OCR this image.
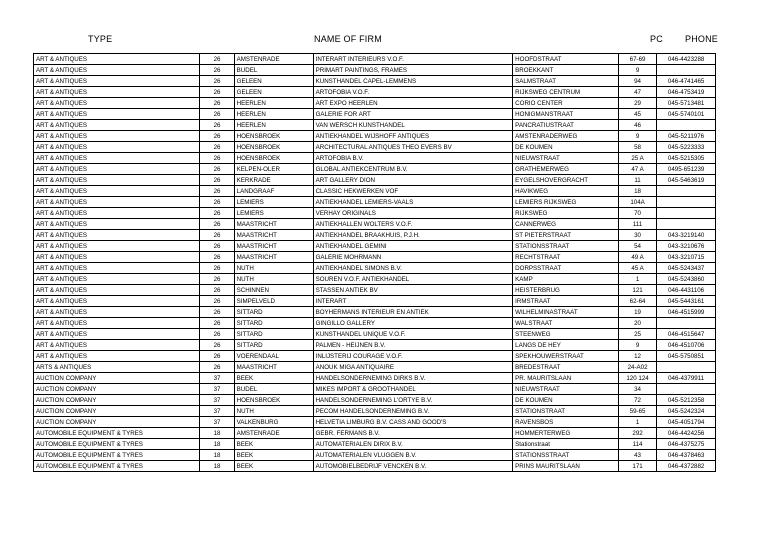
TYPE	NAME OF FIRM	PC PHONE
ART & ANTIQUES	26	AMSTENRADE	INTERART INTERIEURS V.O.F.	HOOFDSTRAAT	67-69	046-4423288
ART & ANTIQUES	26	BUDEL	PRIMART PAINTINGS, FRAMES	BROEKKANT	9	
ART & ANTIQUES	26	GELEEN	KUNSTHANDEL CAPEL-LEMMENS	SALMSTRAAT	94	046-4741465
ART & ANTIQUES	26	GELEEN	ARTOFOBIA V.O.F.	RIJKSWEG CENTRUM	47	046-4753419
ART & ANTIQUES	26	HEERLEN	ART EXPO HEERLEN	CORIO CENTER	29	045-5713481
ART & ANTIQUES	26	HEERLEN	GALERIE FOR ART	HONIGMANSTRAAT	45	045-5740101
ART & ANTIQUES	26	HEERLEN	VAN WERSCH KUNSTHANDEL	PANCRATIUSTRAAT	46	
ART & ANTIQUES	26	HOENSBROEK	ANTIEKHANDEL WIJSHOFF ANTIQUES	AMSTENRADERWEG	9	045-5211976
ART & ANTIQUES	26	HOENSBROEK	ARCHITECTURAL ANTIQUES THEO EVERS BV	DE KOUMEN	58	045-5223333
ART & ANTIQUES	26	HOENSBROEK	ARTOFOBIA B.V.	NIEUWSTRAAT	25 A	045-5215305
ART & ANTIQUES	26	KELPEN-OLER	GLOBAL ANTIEKCENTRUM B.V.	GRATHEMERWEG	47 A	0495-651239
ART & ANTIQUES	26	KERKRADE	ART GALLERY DION	EYGELSHOVERGRACHT	11	045-5463619
ART & ANTIQUES	26	LANDGRAAF	CLASSIC HEKWERKEN VOF	HAVIKWEG	18	
ART & ANTIQUES	26	LEMIERS	ANTIEKHANDEL LEMIERS-VAALS	LEMIERS RIJKSWEG	104A	
ART & ANTIQUES	26	LEMIERS	VERHAY ORIGINALS	RIJKSWEG	70	
ART & ANTIQUES	26	MAASTRICHT	ANTIEKHALLEN WOLTERS V.O.F.	CANNERWEG	111	
ART & ANTIQUES	26	MAASTRICHT	ANTIEKHANDEL BRAAKHUIS, P.J.H.	ST PIETERSTRAAT	30	043-3219140
ART & ANTIQUES	26	MAASTRICHT	ANTIEKHANDEL GEMINI	STATIONSSTRAAT	54	043-3210676
ART & ANTIQUES	26	MAASTRICHT	GALERIE MOHRMANN	RECHTSTRAAT	49 A	043-3210715
ART & ANTIQUES	26	NUTH	ANTIEKHANDEL SIMONS B.V.	DORPSSTRAAT	45 A	045-5243437
ART & ANTIQUES	26	NUTH	SOUREN V.O.F. ANTIEKHANDEL	KAMP	1	045-5243860
ART & ANTIQUES	26	SCHINNEN	STASSEN ANTIEK BV	HEISTERBRUG	121	046-4431106
ART & ANTIQUES	26	SIMPELVELD	INTERART	IRMSTRAAT	62-64	045-5443161
ART & ANTIQUES	26	SITTARD	BOYHERMANS INTERIEUR EN ANTIEK	WILHELMINASTRAAT	19	046-4515999
ART & ANTIQUES	26	SITTARD	GINGILLO GALLERY	WALSTRAAT	20	
ART & ANTIQUES	26	SITTARD	KUNSTHANDEL UNIQUE V.O.F.	STEENWEG	25	046-4515647
ART & ANTIQUES	26	SITTARD	PALMEN - HEIJNEN B.V.	LANGS DE HEY	9	046-4510706
ART & ANTIQUES	26	VOERENDAAL	INLIJSTERIJ COURAGE V.O.F.	SPEKHOUWERSTRAAT	12	045-5750851
ARTS & ANTIQUES	26	MAASTRICHT	ANOUK MIGA ANTIQUAIRE	BREDESTRAAT	24-A02	
AUCTION COMPANY	37	BEEK	HANDELSONDERNEMING DIRKS B.V.	PR. MAURITSLAAN	120 124	046-4379911
AUCTION COMPANY	37	BUDEL	MIKES IMPORT & GROOTHANDEL	NIEUWSTRAAT	34	
AUCTION COMPANY	37	HOENSBROEK	HANDELSONDERNEMING L'ORTYE B.V.	DE KOUMEN	72	045-5212358
AUCTION COMPANY	37	NUTH	PECOM HANDELSONDERNEMING B.V.	STATIONSTRAAT	59-65	045-5242324
AUCTION COMPANY	37	VALKENBURG	HELVETIA LIMBURG B.V. CASS AND GOOD'S	RAVENSBOS	1	045-4051794
AUTOMOBILE EQUIPMENT & TYRES	18	AMSTENRADE	GEBR. FERMANS B.V.	HOMMERTERWEG	292	046-4424256
AUTOMOBILE EQUIPMENT & TYRES	18	BEEK	AUTOMATERIALEN DIRIX B.V.	Stationstraat	114	046-4375275
AUTOMOBILE EQUIPMENT & TYRES	18	BEEK	AUTOMATERIALEN VLUGGEN B.V.	STATIONSSTRAAT	43	046-4378463
AUTOMOBILE EQUIPMENT & TYRES	18	BEEK	AUTOMOBIELBEDRIJF VENCKEN B.V.	PRINS MAURITSLAAN	171	046-4372882
